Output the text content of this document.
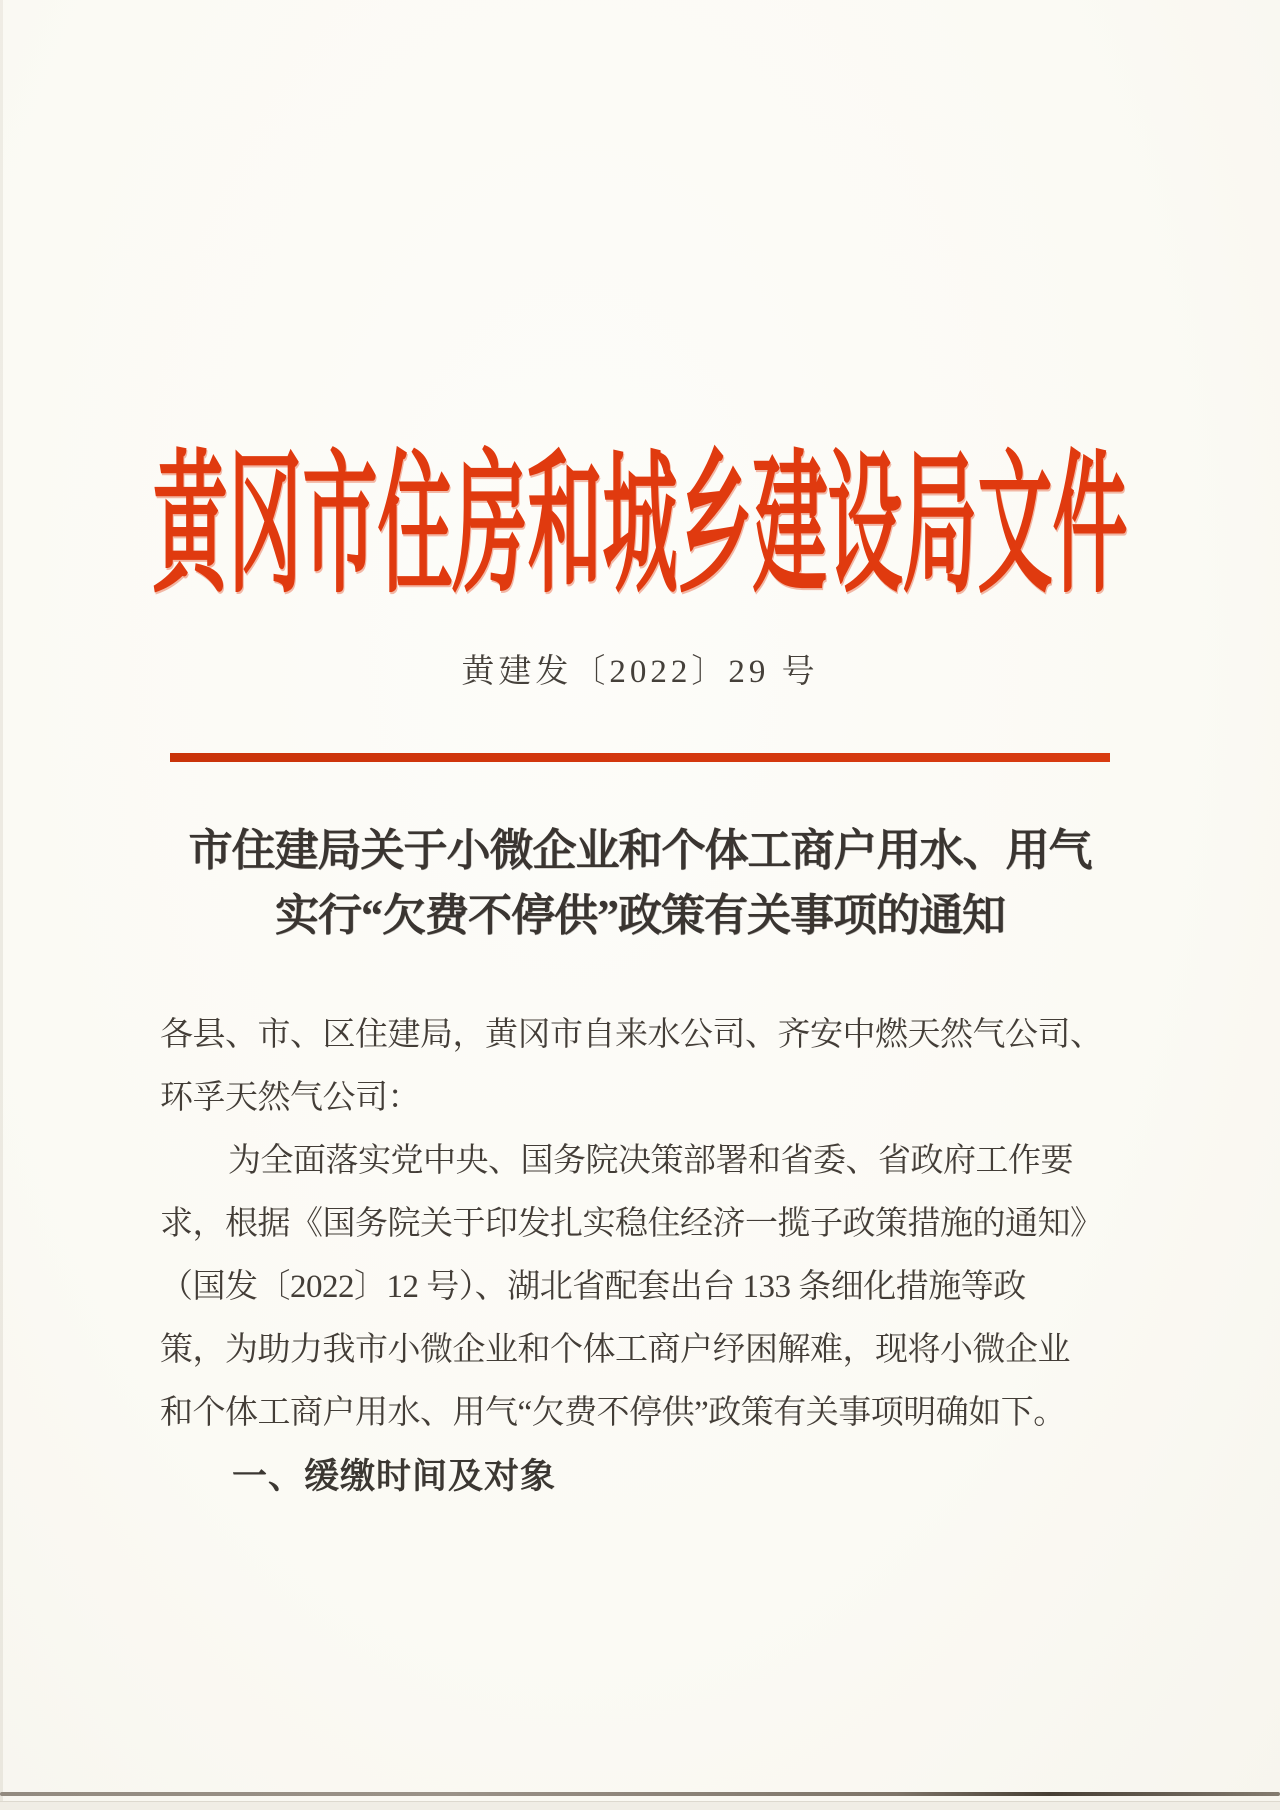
黄冈市住房和城乡建设局文件
黄建发〔2022〕29 号
市住建局关于小微企业和个体工商户用水、用气
实行“欠费不停供”政策有关事项的通知
各县、市、区住建局，黄冈市自来水公司、齐安中燃天然气公司、
环孚天然气公司：
为全面落实党中央、国务院决策部署和省委、省政府工作要
求，根据《国务院关于印发扎实稳住经济一揽子政策措施的通知》
（国发〔2022〕12 号）、湖北省配套出台 133 条细化措施等政
策，为助力我市小微企业和个体工商户纾困解难，现将小微企业
和个体工商户用水、用气“欠费不停供”政策有关事项明确如下。
一、缓缴时间及对象
